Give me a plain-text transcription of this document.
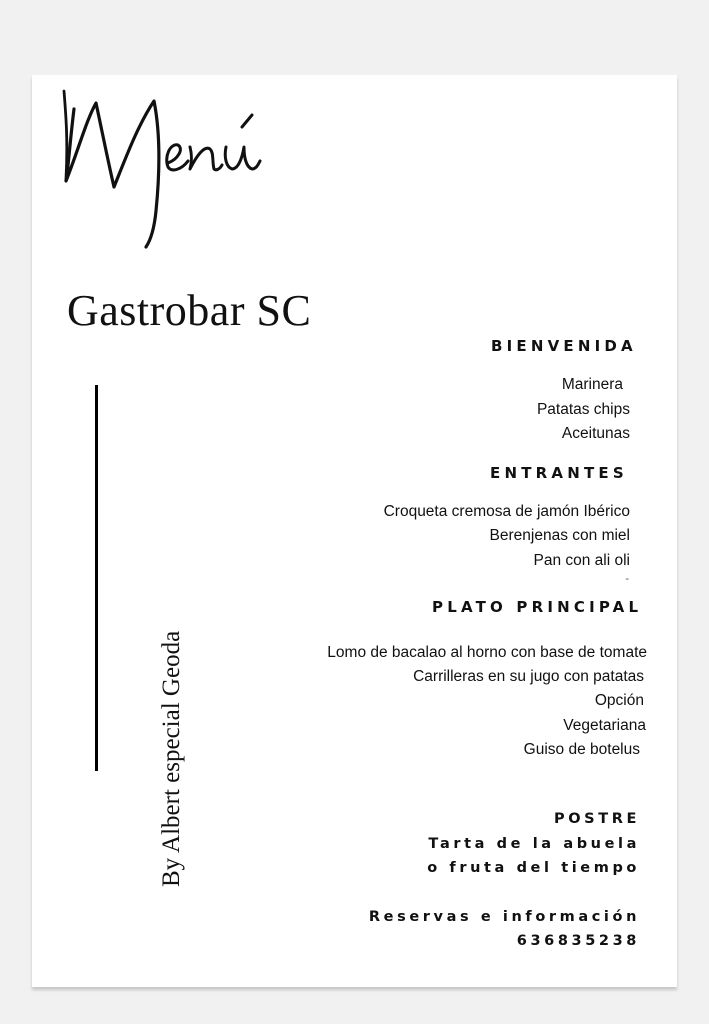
Gastrobar SC
By Albert especial Geoda
BIENVENIDA
Marinera
Patatas chips
Aceitunas
ENTRANTES
Croqueta cremosa de jamón Ibérico
Berenjenas con miel
Pan con ali oli
-
PLATO PRINCIPAL
Lomo de bacalao al horno con base de tomate
Carrilleras en su jugo con patatas
Opción
Vegetariana
Guiso de botelus
POSTRE
Tarta de la abuela
o fruta del tiempo
Reservas e información
636835238
